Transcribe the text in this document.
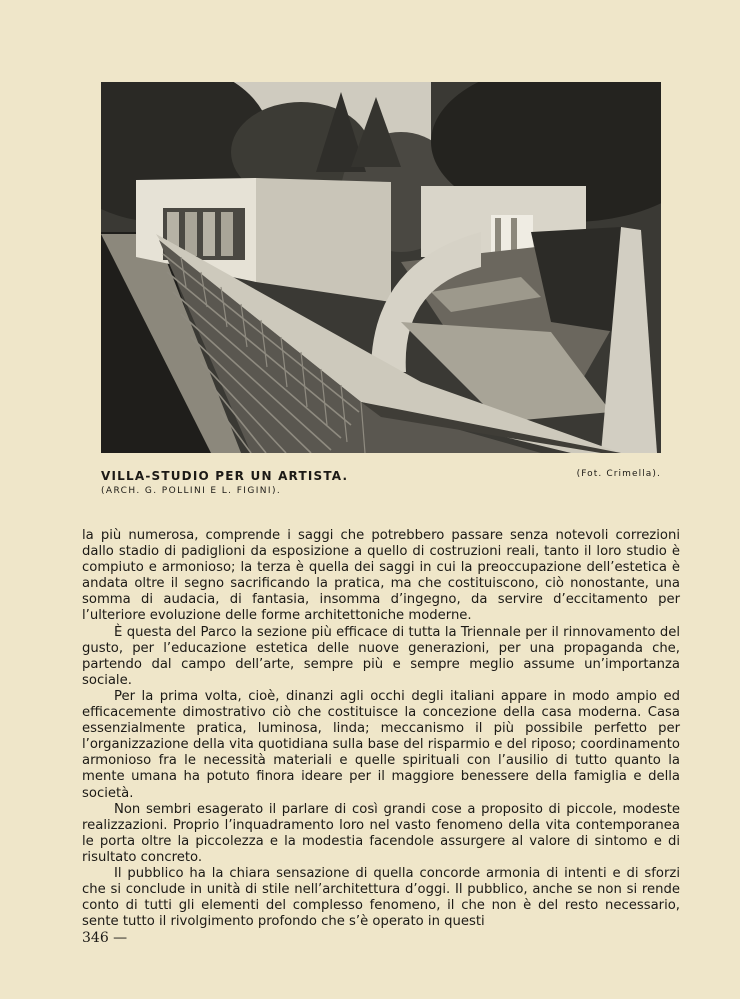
VILLA-STUDIO PER UN ARTISTA.
(ARCH. G. POLLINI E L. FIGINI).
(Fot. Crimella).

la più numerosa, comprende i saggi che potrebbero passare senza notevoli correzioni dallo stadio di padiglioni da esposizione a quello di costruzioni reali, tanto il loro studio è compiuto e armonioso; la terza è quella dei saggi in cui la preoccupazione dell’estetica è andata oltre il segno sacrificando la pratica, ma che costituiscono, ciò nonostante, una somma di audacia, di fantasia, insomma d’ingegno, da servire d’eccitamento per l’ulteriore evoluzione delle forme architettoniche moderne.

È questa del Parco la sezione più efficace di tutta la Triennale per il rinnovamento del gusto, per l’educazione estetica delle nuove generazioni, per una propaganda che, partendo dal campo dell’arte, sempre più e sempre meglio assume un’importanza sociale.

Per la prima volta, cioè, dinanzi agli occhi degli italiani appare in modo ampio ed efficacemente dimostrativo ciò che costituisce la concezione della casa moderna. Casa essenzialmente pratica, luminosa, linda; meccanismo il più possibile perfetto per l’organizzazione della vita quotidiana sulla base del risparmio e del riposo; coordinamento armonioso fra le necessità materiali e quelle spirituali con l’ausilio di tutto quanto la mente umana ha potuto finora ideare per il maggiore benessere della famiglia e della società.

Non sembri esagerato il parlare di così grandi cose a proposito di piccole, modeste realizzazioni. Proprio l’inquadramento loro nel vasto fenomeno della vita contemporanea le porta oltre la piccolezza e la modestia facendole assurgere al valore di sintomo e di risultato concreto.

Il pubblico ha la chiara sensazione di quella concorde armonia di intenti e di sforzi che si conclude in unità di stile nell’architettura d’oggi. Il pubblico, anche se non si rende conto di tutti gli elementi del complesso fenomeno, il che non è del resto necessario, sente tutto il rivolgimento profondo che s’è operato in questi

346 —
